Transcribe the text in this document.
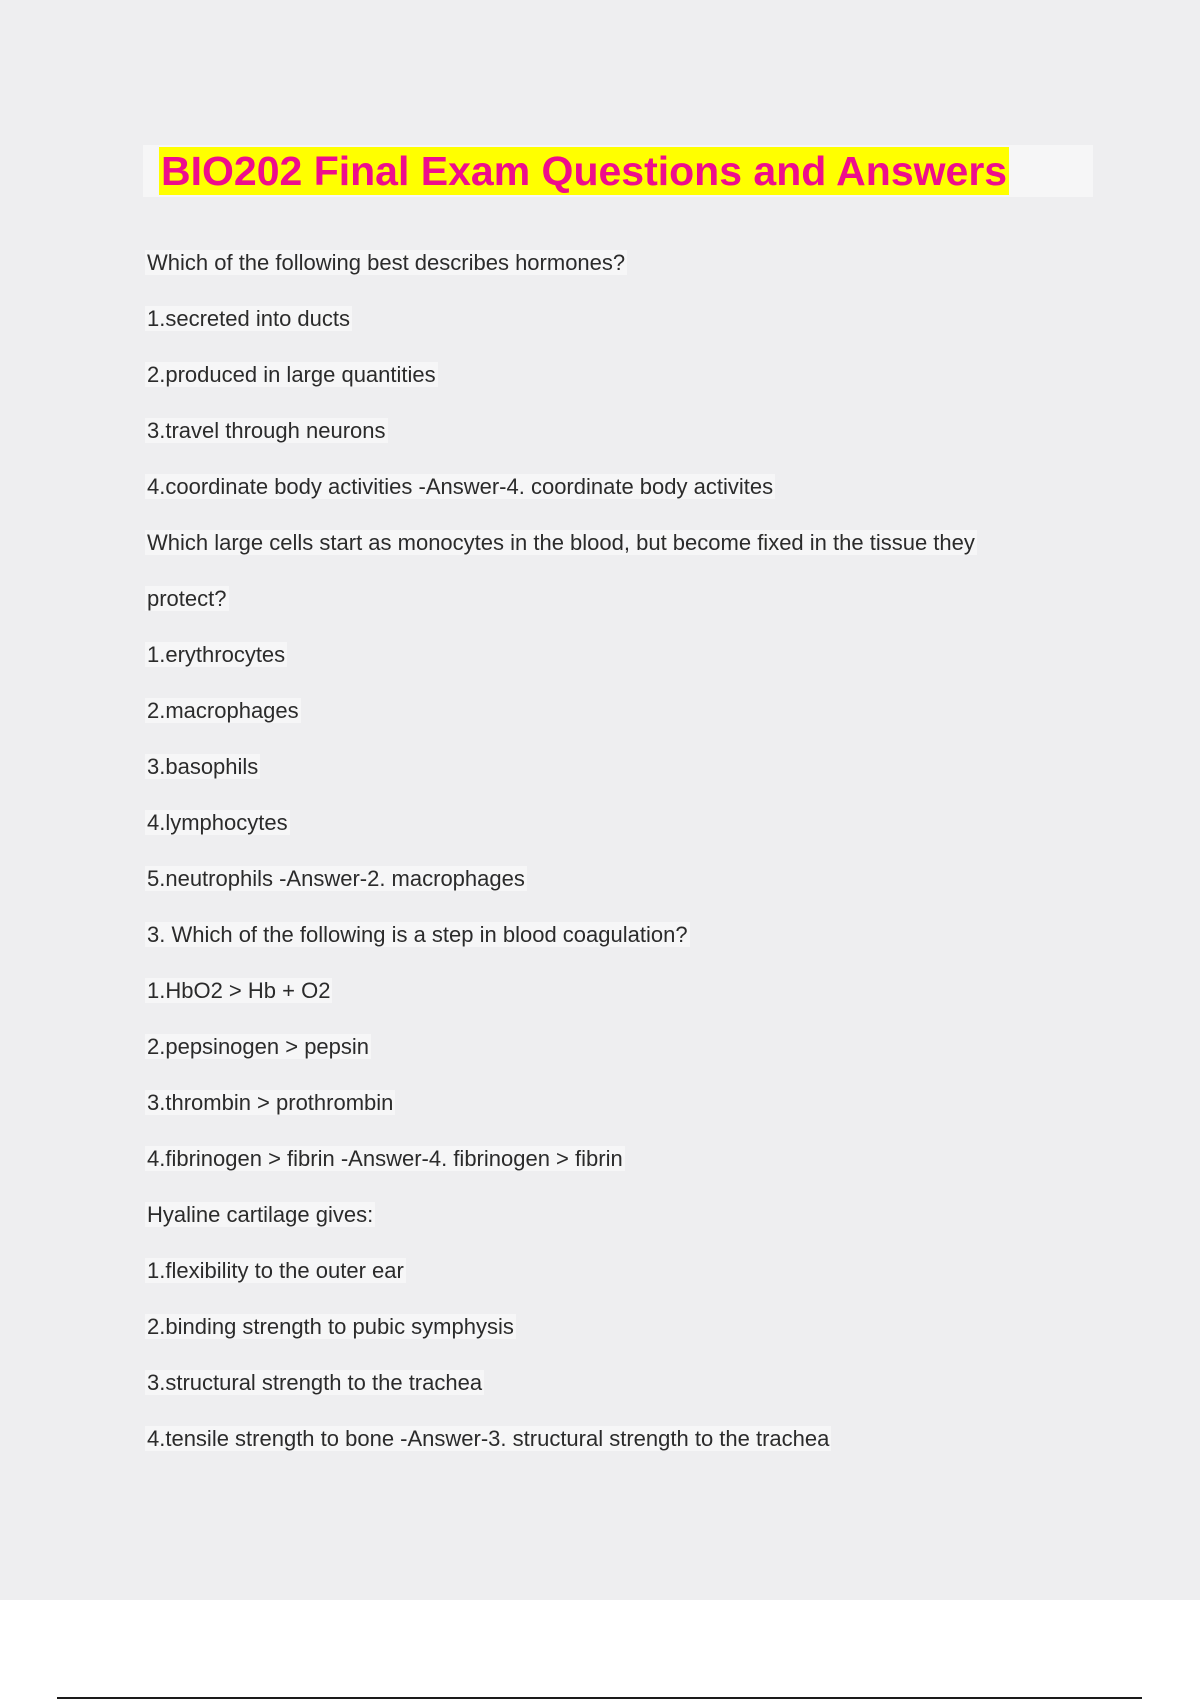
BIO202 Final Exam Questions and Answers
Which of the following best describes hormones?
1.secreted into ducts
2.produced in large quantities
3.travel through neurons
4.coordinate body activities -Answer-4. coordinate body activites
Which large cells start as monocytes in the blood, but become fixed in the tissue they
protect?
1.erythrocytes
2.macrophages
3.basophils
4.lymphocytes
5.neutrophils -Answer-2. macrophages
3. Which of the following is a step in blood coagulation?
1.HbO2 > Hb + O2
2.pepsinogen > pepsin
3.thrombin > prothrombin
4.fibrinogen > fibrin -Answer-4. fibrinogen > fibrin
Hyaline cartilage gives:
1.flexibility to the outer ear
2.binding strength to pubic symphysis
3.structural strength to the trachea
4.tensile strength to bone -Answer-3. structural strength to the trachea
